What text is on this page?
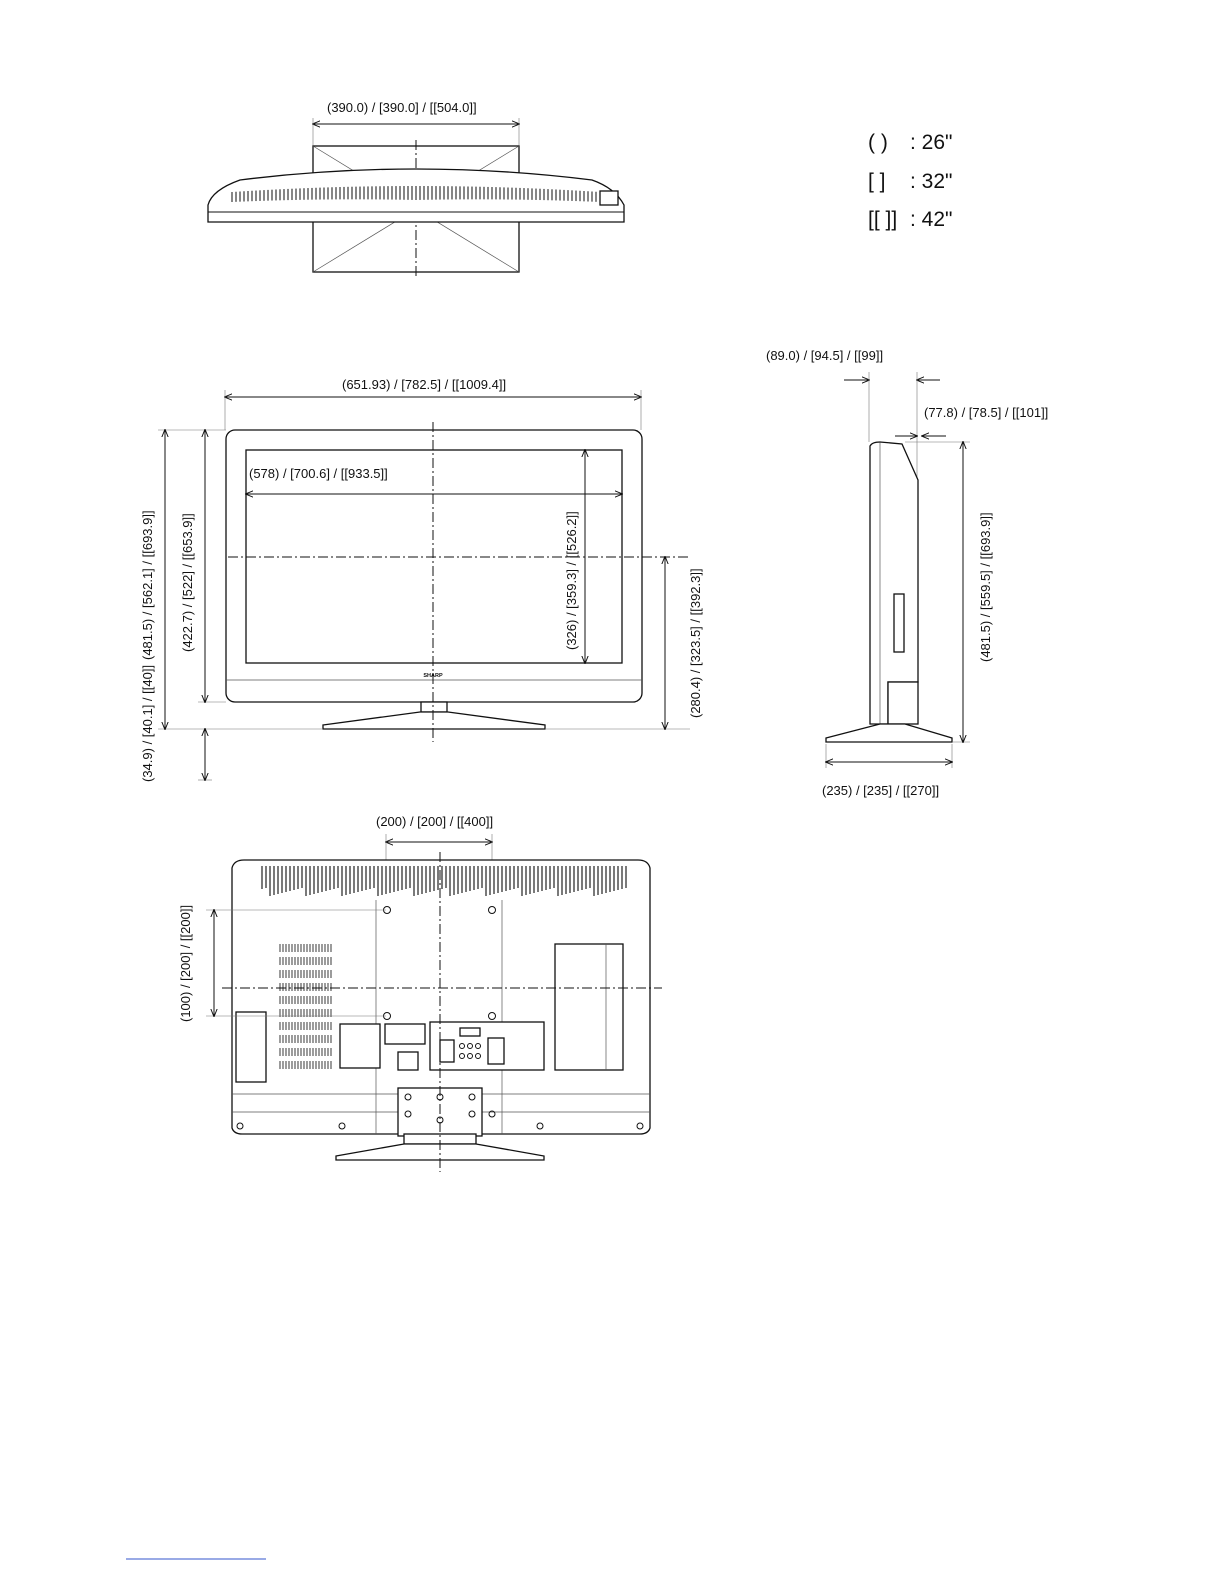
( ) : 26"
[ ] : 32"
[[ ]] : 42"
(390.0) / [390.0] / [[504.0]]
(651.93) / [782.5] / [[1009.4]]
SHARP
(578) / [700.6] / [[933.5]]
(326) / [359.3] / [[526.2]]
(481.5) / [562.1] / [[693.9]] (422.7) / [522] / [[653.9]]
(34.9) / [40.1] / [[40]]
(280.4) / [323.5] / [[392.3]]
(89.0) / [94.5] / [[99]]
(77.8) / [78.5] / [[101]]
(481.5) / [559.5] / [[693.9]]
(235) / [235] / [[270]]
(200) / [200] / [[400]]
(100) / [200] / [[200]]
